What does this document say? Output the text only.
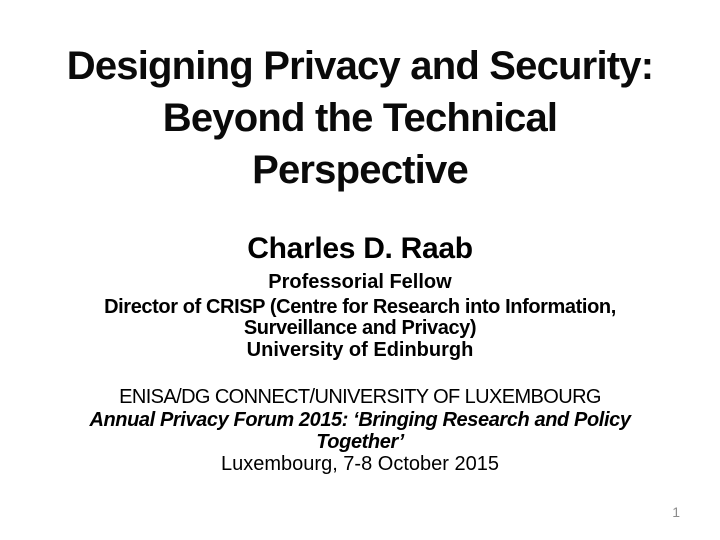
Designing Privacy and Security:
Beyond the Technical
Perspective
Charles D. Raab
Professorial Fellow
Director of CRISP (Centre for Research into Information,
Surveillance and Privacy)
University of Edinburgh
ENISA/DG CONNECT/UNIVERSITY OF LUXEMBOURG
Annual Privacy Forum 2015: ‘Bringing Research and Policy
Together’
Luxembourg, 7-8 October 2015
1
